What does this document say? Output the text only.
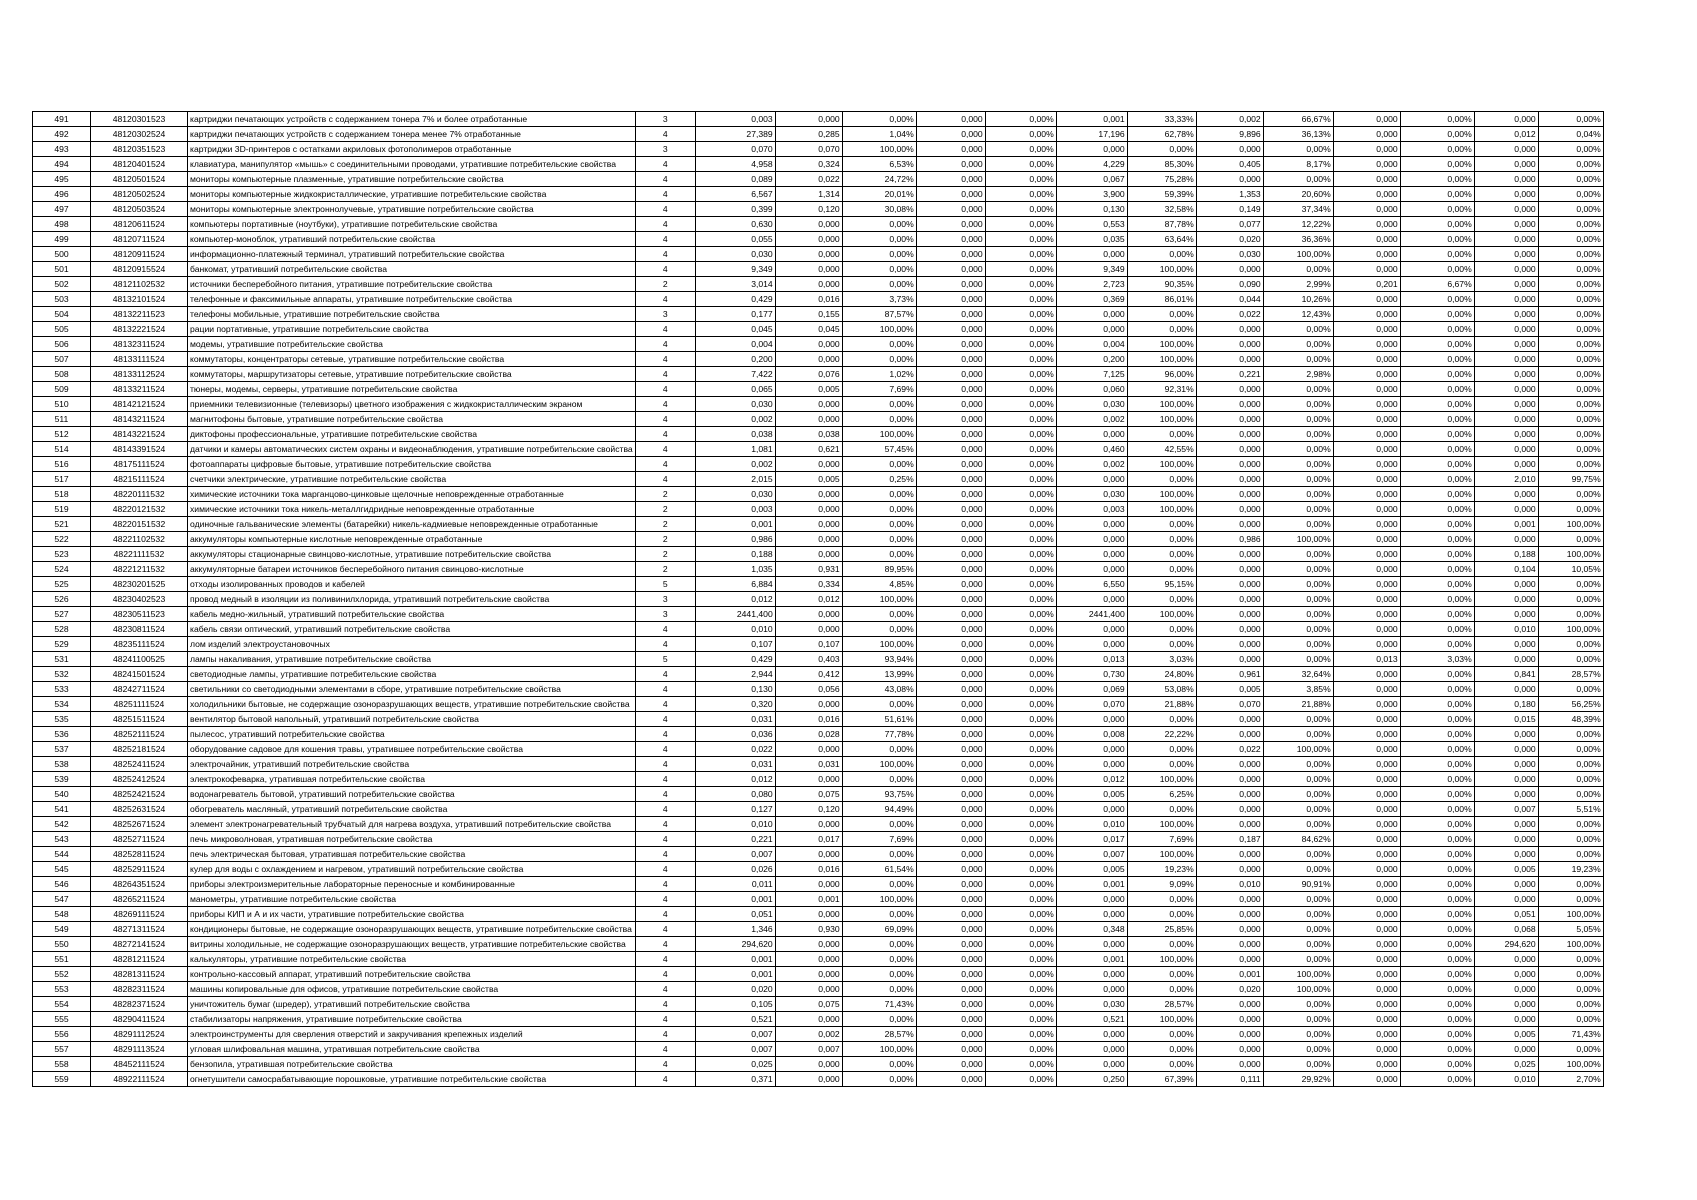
491	48120301523	картриджи печатающих устройств с содержанием тонера 7% и более отработанные	3	0,003	0,000	0,00%	0,000	0,00%	0,001	33,33%	0,002	66,67%	0,000	0,00%	0,000	0,00%
492	48120302524	картриджи печатающих устройств с содержанием тонера менее 7% отработанные	4	27,389	0,285	1,04%	0,000	0,00%	17,196	62,78%	9,896	36,13%	0,000	0,00%	0,012	0,04%
493	48120351523	картриджи 3D-принтеров с остатками акриловых фотополимеров отработанные	3	0,070	0,070	100,00%	0,000	0,00%	0,000	0,00%	0,000	0,00%	0,000	0,00%	0,000	0,00%
494	48120401524	клавиатура, манипулятор «мышь» с соединительными проводами, утратившие потребительские свойства	4	4,958	0,324	6,53%	0,000	0,00%	4,229	85,30%	0,405	8,17%	0,000	0,00%	0,000	0,00%
495	48120501524	мониторы компьютерные плазменные, утратившие потребительские свойства	4	0,089	0,022	24,72%	0,000	0,00%	0,067	75,28%	0,000	0,00%	0,000	0,00%	0,000	0,00%
496	48120502524	мониторы компьютерные жидкокристаллические, утратившие потребительские свойства	4	6,567	1,314	20,01%	0,000	0,00%	3,900	59,39%	1,353	20,60%	0,000	0,00%	0,000	0,00%
497	48120503524	мониторы компьютерные электроннолучевые, утратившие потребительские свойства	4	0,399	0,120	30,08%	0,000	0,00%	0,130	32,58%	0,149	37,34%	0,000	0,00%	0,000	0,00%
498	48120611524	компьютеры портативные (ноутбуки), утратившие потребительские свойства	4	0,630	0,000	0,00%	0,000	0,00%	0,553	87,78%	0,077	12,22%	0,000	0,00%	0,000	0,00%
499	48120711524	компьютер-моноблок, утративший потребительские свойства	4	0,055	0,000	0,00%	0,000	0,00%	0,035	63,64%	0,020	36,36%	0,000	0,00%	0,000	0,00%
500	48120911524	информационно-платежный терминал, утративший потребительские свойства	4	0,030	0,000	0,00%	0,000	0,00%	0,000	0,00%	0,030	100,00%	0,000	0,00%	0,000	0,00%
501	48120915524	банкомат, утративший потребительские свойства	4	9,349	0,000	0,00%	0,000	0,00%	9,349	100,00%	0,000	0,00%	0,000	0,00%	0,000	0,00%
502	48121102532	источники бесперебойного питания, утратившие потребительские свойства	2	3,014	0,000	0,00%	0,000	0,00%	2,723	90,35%	0,090	2,99%	0,201	6,67%	0,000	0,00%
503	48132101524	телефонные и факсимильные аппараты, утратившие потребительские свойства	4	0,429	0,016	3,73%	0,000	0,00%	0,369	86,01%	0,044	10,26%	0,000	0,00%	0,000	0,00%
504	48132211523	телефоны мобильные, утратившие потребительские свойства	3	0,177	0,155	87,57%	0,000	0,00%	0,000	0,00%	0,022	12,43%	0,000	0,00%	0,000	0,00%
505	48132221524	рации портативные, утратившие потребительские свойства	4	0,045	0,045	100,00%	0,000	0,00%	0,000	0,00%	0,000	0,00%	0,000	0,00%	0,000	0,00%
506	48132311524	модемы, утратившие потребительские свойства	4	0,004	0,000	0,00%	0,000	0,00%	0,004	100,00%	0,000	0,00%	0,000	0,00%	0,000	0,00%
507	48133111524	коммутаторы, концентраторы сетевые, утратившие потребительские свойства	4	0,200	0,000	0,00%	0,000	0,00%	0,200	100,00%	0,000	0,00%	0,000	0,00%	0,000	0,00%
508	48133112524	коммутаторы, маршрутизаторы сетевые, утратившие потребительские свойства	4	7,422	0,076	1,02%	0,000	0,00%	7,125	96,00%	0,221	2,98%	0,000	0,00%	0,000	0,00%
509	48133211524	тюнеры, модемы, серверы, утратившие потребительские свойства	4	0,065	0,005	7,69%	0,000	0,00%	0,060	92,31%	0,000	0,00%	0,000	0,00%	0,000	0,00%
510	48142121524	приемники телевизионные (телевизоры) цветного изображения с жидкокристаллическим экраном	4	0,030	0,000	0,00%	0,000	0,00%	0,030	100,00%	0,000	0,00%	0,000	0,00%	0,000	0,00%
511	48143211524	магнитофоны бытовые, утратившие потребительские свойства	4	0,002	0,000	0,00%	0,000	0,00%	0,002	100,00%	0,000	0,00%	0,000	0,00%	0,000	0,00%
512	48143221524	диктофоны профессиональные, утратившие потребительские свойства	4	0,038	0,038	100,00%	0,000	0,00%	0,000	0,00%	0,000	0,00%	0,000	0,00%	0,000	0,00%
514	48143391524	датчики и камеры автоматических систем охраны и видеонаблюдения, утратившие потребительские свойства	4	1,081	0,621	57,45%	0,000	0,00%	0,460	42,55%	0,000	0,00%	0,000	0,00%	0,000	0,00%
516	48175111524	фотоаппараты цифровые бытовые, утратившие потребительские свойства	4	0,002	0,000	0,00%	0,000	0,00%	0,002	100,00%	0,000	0,00%	0,000	0,00%	0,000	0,00%
517	48215111524	счетчики электрические, утратившие потребительские свойства	4	2,015	0,005	0,25%	0,000	0,00%	0,000	0,00%	0,000	0,00%	0,000	0,00%	2,010	99,75%
518	48220111532	химические источники тока марганцово-цинковые щелочные неповрежденные отработанные	2	0,030	0,000	0,00%	0,000	0,00%	0,030	100,00%	0,000	0,00%	0,000	0,00%	0,000	0,00%
519	48220121532	химические источники тока никель-металлгидридные неповрежденные отработанные	2	0,003	0,000	0,00%	0,000	0,00%	0,003	100,00%	0,000	0,00%	0,000	0,00%	0,000	0,00%
521	48220151532	одиночные гальванические элементы (батарейки) никель-кадмиевые неповрежденные отработанные	2	0,001	0,000	0,00%	0,000	0,00%	0,000	0,00%	0,000	0,00%	0,000	0,00%	0,001	100,00%
522	48221102532	аккумуляторы компьютерные кислотные неповрежденные отработанные	2	0,986	0,000	0,00%	0,000	0,00%	0,000	0,00%	0,986	100,00%	0,000	0,00%	0,000	0,00%
523	48221111532	аккумуляторы стационарные свинцово-кислотные, утратившие потребительские свойства	2	0,188	0,000	0,00%	0,000	0,00%	0,000	0,00%	0,000	0,00%	0,000	0,00%	0,188	100,00%
524	48221211532	аккумуляторные батареи источников бесперебойного питания свинцово-кислотные	2	1,035	0,931	89,95%	0,000	0,00%	0,000	0,00%	0,000	0,00%	0,000	0,00%	0,104	10,05%
525	48230201525	отходы изолированных проводов и кабелей	5	6,884	0,334	4,85%	0,000	0,00%	6,550	95,15%	0,000	0,00%	0,000	0,00%	0,000	0,00%
526	48230402523	провод медный в изоляции из поливинилхлорида, утративший потребительские свойства	3	0,012	0,012	100,00%	0,000	0,00%	0,000	0,00%	0,000	0,00%	0,000	0,00%	0,000	0,00%
527	48230511523	кабель медно-жильный, утративший потребительские свойства	3	2441,400	0,000	0,00%	0,000	0,00%	2441,400	100,00%	0,000	0,00%	0,000	0,00%	0,000	0,00%
528	48230811524	кабель связи оптический, утративший потребительские свойства	4	0,010	0,000	0,00%	0,000	0,00%	0,000	0,00%	0,000	0,00%	0,000	0,00%	0,010	100,00%
529	48235111524	лом изделий электроустановочных	4	0,107	0,107	100,00%	0,000	0,00%	0,000	0,00%	0,000	0,00%	0,000	0,00%	0,000	0,00%
531	48241100525	лампы накаливания, утратившие потребительские свойства	5	0,429	0,403	93,94%	0,000	0,00%	0,013	3,03%	0,000	0,00%	0,013	3,03%	0,000	0,00%
532	48241501524	светодиодные лампы, утратившие потребительские свойства	4	2,944	0,412	13,99%	0,000	0,00%	0,730	24,80%	0,961	32,64%	0,000	0,00%	0,841	28,57%
533	48242711524	светильники со светодиодными элементами в сборе, утратившие потребительские свойства	4	0,130	0,056	43,08%	0,000	0,00%	0,069	53,08%	0,005	3,85%	0,000	0,00%	0,000	0,00%
534	48251111524	холодильники бытовые, не содержащие озоноразрушающих веществ, утратившие потребительские свойства	4	0,320	0,000	0,00%	0,000	0,00%	0,070	21,88%	0,070	21,88%	0,000	0,00%	0,180	56,25%
535	48251511524	вентилятор бытовой напольный, утративший потребительские свойства	4	0,031	0,016	51,61%	0,000	0,00%	0,000	0,00%	0,000	0,00%	0,000	0,00%	0,015	48,39%
536	48252111524	пылесос, утративший потребительские свойства	4	0,036	0,028	77,78%	0,000	0,00%	0,008	22,22%	0,000	0,00%	0,000	0,00%	0,000	0,00%
537	48252181524	оборудование садовое для кошения травы, утратившее потребительские свойства	4	0,022	0,000	0,00%	0,000	0,00%	0,000	0,00%	0,022	100,00%	0,000	0,00%	0,000	0,00%
538	48252411524	электрочайник, утративший потребительские свойства	4	0,031	0,031	100,00%	0,000	0,00%	0,000	0,00%	0,000	0,00%	0,000	0,00%	0,000	0,00%
539	48252412524	электрокофеварка, утратившая потребительские свойства	4	0,012	0,000	0,00%	0,000	0,00%	0,012	100,00%	0,000	0,00%	0,000	0,00%	0,000	0,00%
540	48252421524	водонагреватель бытовой, утративший потребительские свойства	4	0,080	0,075	93,75%	0,000	0,00%	0,005	6,25%	0,000	0,00%	0,000	0,00%	0,000	0,00%
541	48252631524	обогреватель масляный, утративший потребительские свойства	4	0,127	0,120	94,49%	0,000	0,00%	0,000	0,00%	0,000	0,00%	0,000	0,00%	0,007	5,51%
542	48252671524	элемент электронагревательный трубчатый для нагрева воздуха, утративший потребительские свойства	4	0,010	0,000	0,00%	0,000	0,00%	0,010	100,00%	0,000	0,00%	0,000	0,00%	0,000	0,00%
543	48252711524	печь микроволновая, утратившая потребительские свойства	4	0,221	0,017	7,69%	0,000	0,00%	0,017	7,69%	0,187	84,62%	0,000	0,00%	0,000	0,00%
544	48252811524	печь электрическая бытовая, утратившая потребительские свойства	4	0,007	0,000	0,00%	0,000	0,00%	0,007	100,00%	0,000	0,00%	0,000	0,00%	0,000	0,00%
545	48252911524	кулер для воды с охлаждением и нагревом, утративший потребительские свойства	4	0,026	0,016	61,54%	0,000	0,00%	0,005	19,23%	0,000	0,00%	0,000	0,00%	0,005	19,23%
546	48264351524	приборы электроизмерительные лабораторные переносные и комбинированные	4	0,011	0,000	0,00%	0,000	0,00%	0,001	9,09%	0,010	90,91%	0,000	0,00%	0,000	0,00%
547	48265211524	манометры, утратившие потребительские свойства	4	0,001	0,001	100,00%	0,000	0,00%	0,000	0,00%	0,000	0,00%	0,000	0,00%	0,000	0,00%
548	48269111524	приборы КИП и А и их части, утратившие потребительские свойства	4	0,051	0,000	0,00%	0,000	0,00%	0,000	0,00%	0,000	0,00%	0,000	0,00%	0,051	100,00%
549	48271311524	кондиционеры бытовые, не содержащие озоноразрушающих веществ, утратившие потребительские свойства	4	1,346	0,930	69,09%	0,000	0,00%	0,348	25,85%	0,000	0,00%	0,000	0,00%	0,068	5,05%
550	48272141524	витрины холодильные, не содержащие озоноразрушающих веществ, утратившие потребительские свойства	4	294,620	0,000	0,00%	0,000	0,00%	0,000	0,00%	0,000	0,00%	0,000	0,00%	294,620	100,00%
551	48281211524	калькуляторы, утратившие потребительские свойства	4	0,001	0,000	0,00%	0,000	0,00%	0,001	100,00%	0,000	0,00%	0,000	0,00%	0,000	0,00%
552	48281311524	контрольно-кассовый аппарат, утративший потребительские свойства	4	0,001	0,000	0,00%	0,000	0,00%	0,000	0,00%	0,001	100,00%	0,000	0,00%	0,000	0,00%
553	48282311524	машины копировальные для офисов, утратившие потребительские свойства	4	0,020	0,000	0,00%	0,000	0,00%	0,000	0,00%	0,020	100,00%	0,000	0,00%	0,000	0,00%
554	48282371524	уничтожитель бумаг (шредер), утративший потребительские свойства	4	0,105	0,075	71,43%	0,000	0,00%	0,030	28,57%	0,000	0,00%	0,000	0,00%	0,000	0,00%
555	48290411524	стабилизаторы напряжения, утратившие потребительские свойства	4	0,521	0,000	0,00%	0,000	0,00%	0,521	100,00%	0,000	0,00%	0,000	0,00%	0,000	0,00%
556	48291112524	электроинструменты для сверления отверстий и закручивания крепежных изделий	4	0,007	0,002	28,57%	0,000	0,00%	0,000	0,00%	0,000	0,00%	0,000	0,00%	0,005	71,43%
557	48291113524	угловая шлифовальная машина, утратившая потребительские свойства	4	0,007	0,007	100,00%	0,000	0,00%	0,000	0,00%	0,000	0,00%	0,000	0,00%	0,000	0,00%
558	48452111524	бензопила, утратившая потребительские свойства	4	0,025	0,000	0,00%	0,000	0,00%	0,000	0,00%	0,000	0,00%	0,000	0,00%	0,025	100,00%
559	48922111524	огнетушители самосрабатывающие порошковые, утратившие потребительские свойства	4	0,371	0,000	0,00%	0,000	0,00%	0,250	67,39%	0,111	29,92%	0,000	0,00%	0,010	2,70%
